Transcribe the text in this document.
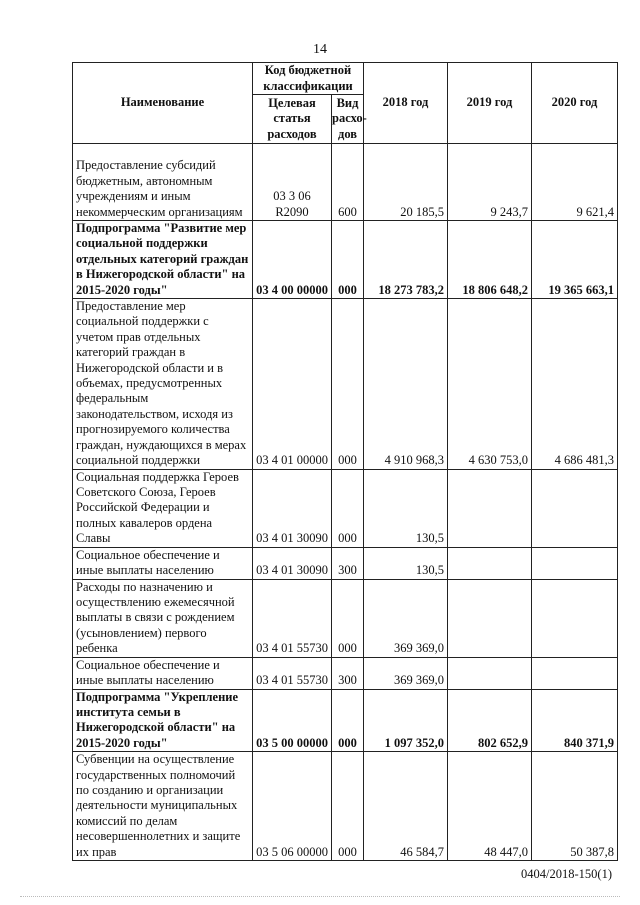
14
Наименование	Код бюджетной классификации		2018 год	2019 год	2020 год
	Целевая статья расходов	Вид расхо-дов			
Предоставление субсидий бюджетным, автономным учреждениям и иным некоммерческим организациям	03 3 06 R2090	600	20 185,5	9 243,7	9 621,4
Подпрограмма "Развитие мер социальной поддержки отдельных категорий граждан в Нижегородской области" на 2015-2020 годы"	03 4 00 00000	000	18 273 783,2	18 806 648,2	19 365 663,1
Предоставление мер социальной поддержки с учетом прав отдельных категорий граждан в Нижегородской области и в объемах, предусмотренных федеральным законодательством, исходя из прогнозируемого количества граждан, нуждающихся в мерах социальной поддержки	03 4 01 00000	000	4 910 968,3	4 630 753,0	4 686 481,3
Социальная поддержка Героев Советского Союза, Героев Российской Федерации и полных кавалеров ордена Славы	03 4 01 30090	000	130,5		
Социальное обеспечение и иные выплаты населению	03 4 01 30090	300	130,5		
Расходы по назначению и осуществлению ежемесячной выплаты в связи с рождением (усыновлением) первого ребенка	03 4 01 55730	000	369 369,0		
Социальное обеспечение и иные выплаты населению	03 4 01 55730	300	369 369,0		
Подпрограмма "Укрепление института семьи в Нижегородской области" на 2015-2020 годы"	03 5 00 00000	000	1 097 352,0	802 652,9	840 371,9
Субвенции на осуществление государственных полномочий по созданию и организации деятельности муниципальных комиссий по делам несовершеннолетних и защите их прав	03 5 06 00000	000	46 584,7	48 447,0	50 387,8
0404/2018-150(1)
